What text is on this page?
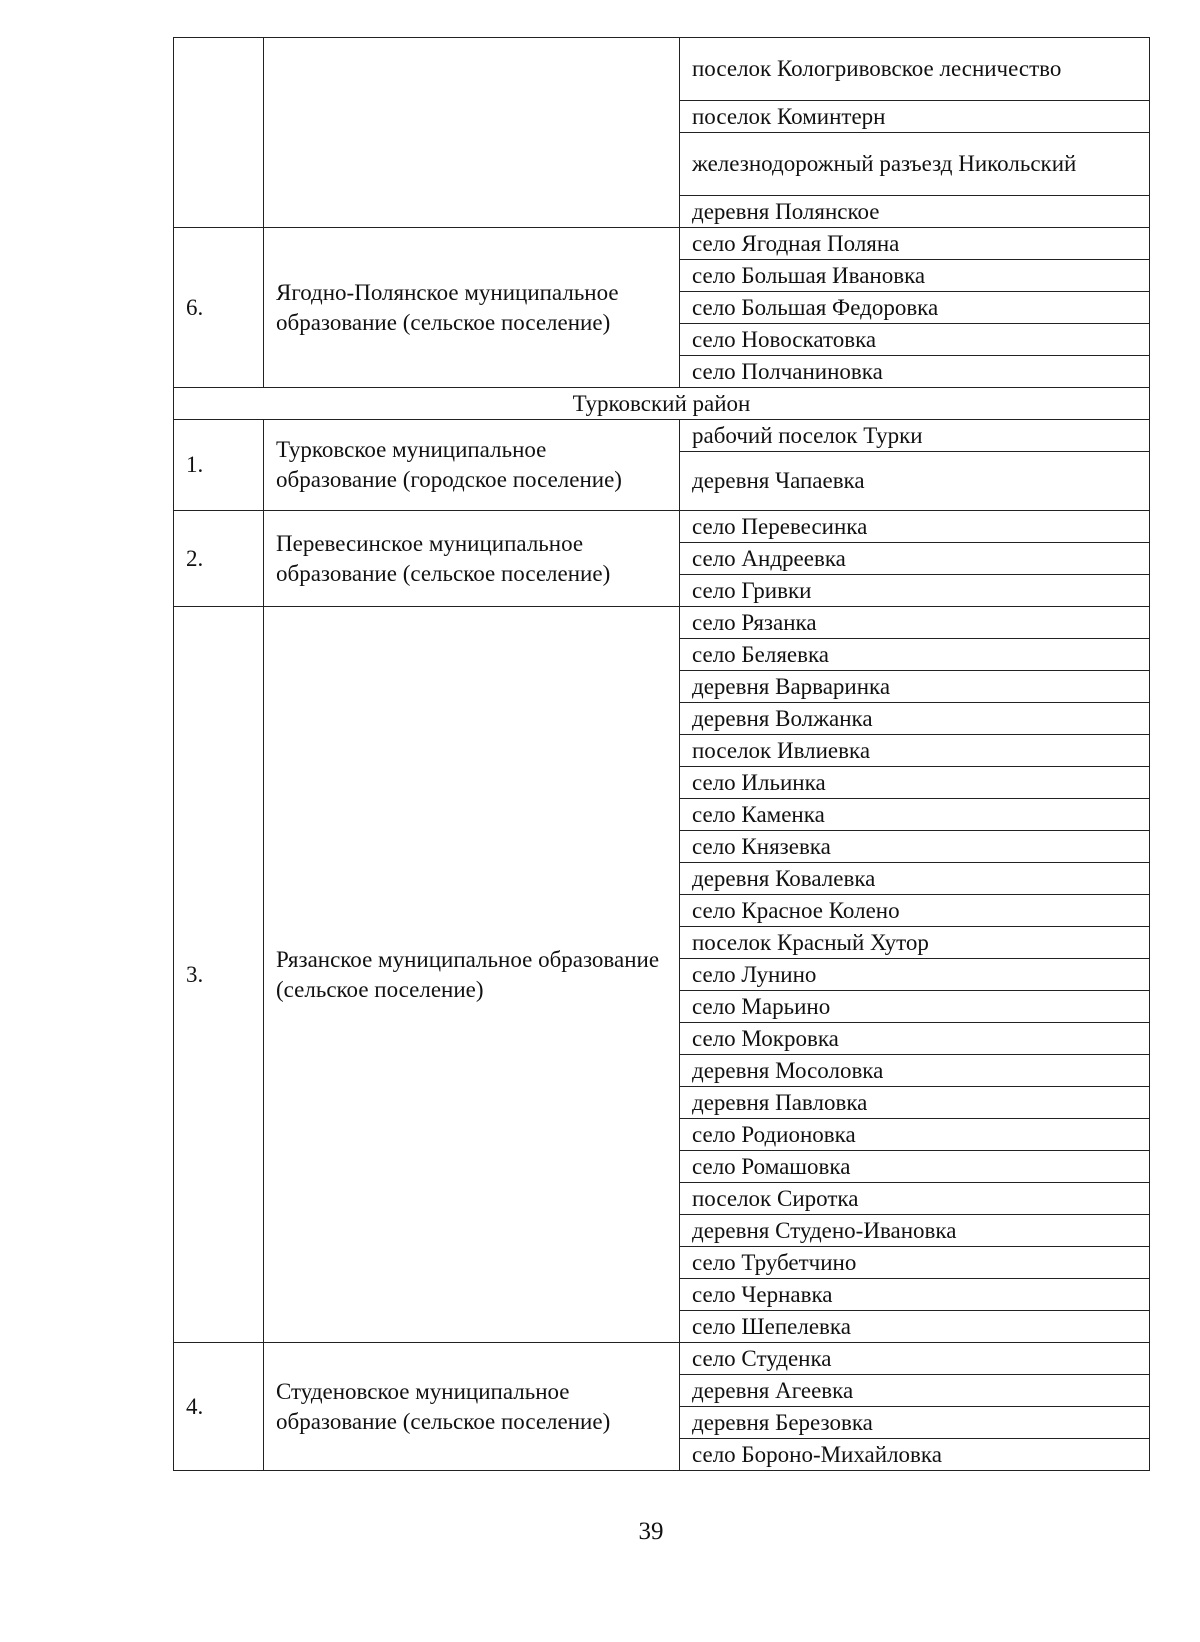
		поселок Кологривовское лесничество
		поселок Коминтерн
		железнодорожный разъезд Никольский
		деревня Полянское
6.	Ягодно-Полянское муниципальное образование (сельское поселение)	село Ягодная Поляна
		село Большая Ивановка
		село Большая Федоровка
		село Новоскатовка
		село Полчаниновка
Турковский район		
1.	Турковское муниципальное образование (городское поселение)	рабочий поселок Турки
		деревня Чапаевка
2.	Перевесинское муниципальное образование (сельское поселение)	село Перевесинка
		село Андреевка
		село Гривки
3.	Рязанское муниципальное образование (сельское поселение)	село Рязанка
		село Беляевка
		деревня Варваринка
		деревня Волжанка
		поселок Ивлиевка
		село Ильинка
		село Каменка
		село Князевка
		деревня Ковалевка
		село Красное Колено
		поселок Красный Хутор
		село Лунино
		село Марьино
		село Мокровка
		деревня Мосоловка
		деревня Павловка
		село Родионовка
		село Ромашовка
		поселок Сиротка
		деревня Студено-Ивановка
		село Трубетчино
		село Чернавка
		село Шепелевка
4.	Студеновское муниципальное образование (сельское поселение)	село Студенка
		деревня Агеевка
		деревня Березовка
		село Бороно-Михайловка
39
